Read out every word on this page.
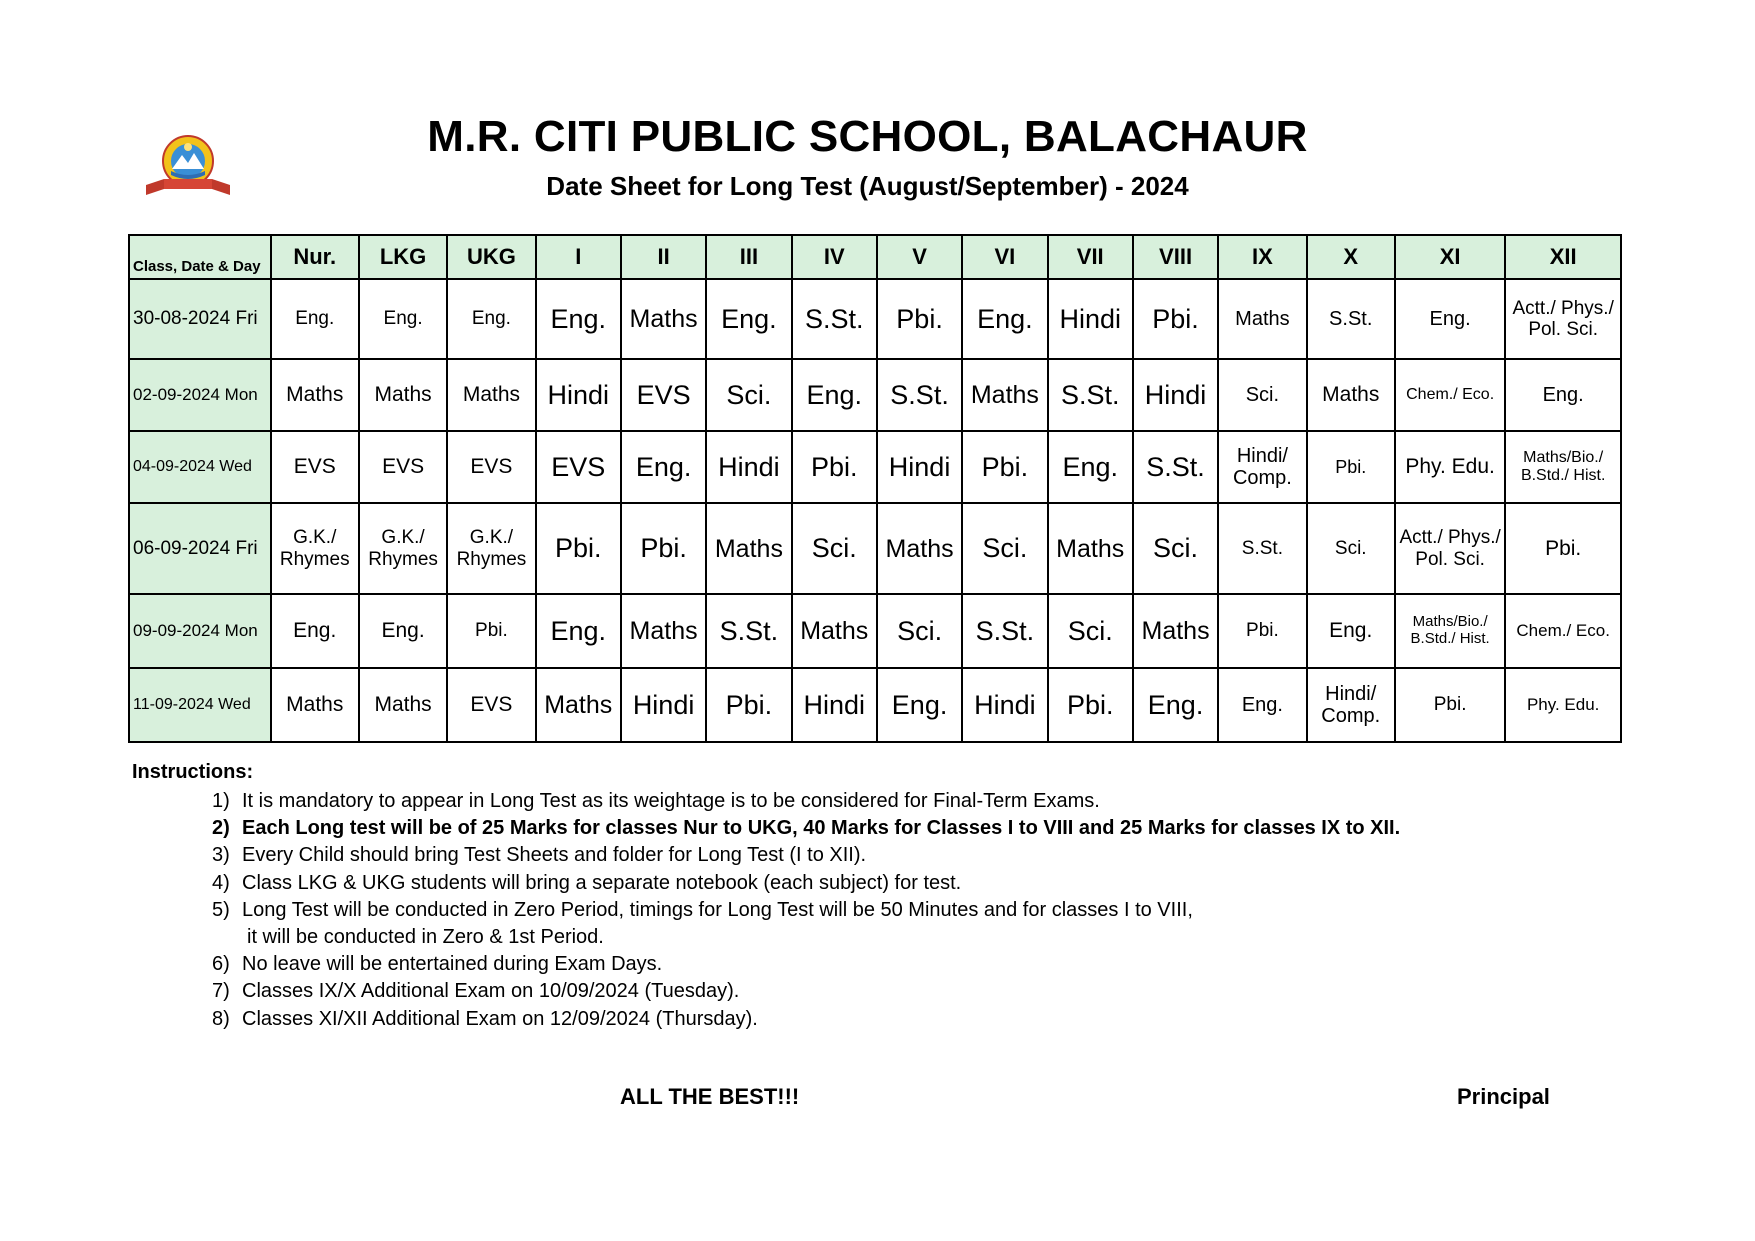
M.R. CITI PUBLIC SCHOOL, BALACHAUR
Date Sheet for Long Test (August/September) - 2024
Class, Date & Day	Nur.	LKG	UKG	I	II	III	IV	V	VI	VII	VIII	IX	X	XI	XII
30-08-2024 Fri	Eng.	Eng.	Eng.	Eng.	Maths	Eng.	S.St.	Pbi.	Eng.	Hindi	Pbi.	Maths	S.St.	Eng.	Actt./ Phys./ Pol. Sci.
02-09-2024 Mon	Maths	Maths	Maths	Hindi	EVS	Sci.	Eng.	S.St.	Maths	S.St.	Hindi	Sci.	Maths	Chem./ Eco.	Eng.
04-09-2024 Wed	EVS	EVS	EVS	EVS	Eng.	Hindi	Pbi.	Hindi	Pbi.	Eng.	S.St.	Hindi/ Comp.	Pbi.	Phy. Edu.	Maths/Bio./ B.Std./ Hist.
06-09-2024 Fri	G.K./ Rhymes	G.K./ Rhymes	G.K./ Rhymes	Pbi.	Pbi.	Maths	Sci.	Maths	Sci.	Maths	Sci.	S.St.	Sci.	Actt./ Phys./ Pol. Sci.	Pbi.
09-09-2024 Mon	Eng.	Eng.	Pbi.	Eng.	Maths	S.St.	Maths	Sci.	S.St.	Sci.	Maths	Pbi.	Eng.	Maths/Bio./ B.Std./ Hist.	Chem./ Eco.
11-09-2024 Wed	Maths	Maths	EVS	Maths	Hindi	Pbi.	Hindi	Eng.	Hindi	Pbi.	Eng.	Eng.	Hindi/ Comp.	Pbi.	Phy. Edu.
Instructions:
1) It is mandatory to appear in Long Test as its weightage is to be considered for Final-Term Exams.
2) Each Long test will be of 25 Marks for classes Nur to UKG, 40 Marks for Classes I to VIII and 25 Marks for classes IX to XII.
3) Every Child should bring Test Sheets and folder for Long Test (I to XII).
4) Class LKG & UKG students will bring a separate notebook (each subject) for test.
5) Long Test will be conducted in Zero Period, timings for Long Test will be 50 Minutes and for classes I to VIII,
it will be conducted in Zero & 1st Period.
6) No leave will be entertained during Exam Days.
7) Classes IX/X Additional Exam on 10/09/2024 (Tuesday).
8) Classes XI/XII Additional Exam on 12/09/2024 (Thursday).
ALL THE BEST!!!	Principal
